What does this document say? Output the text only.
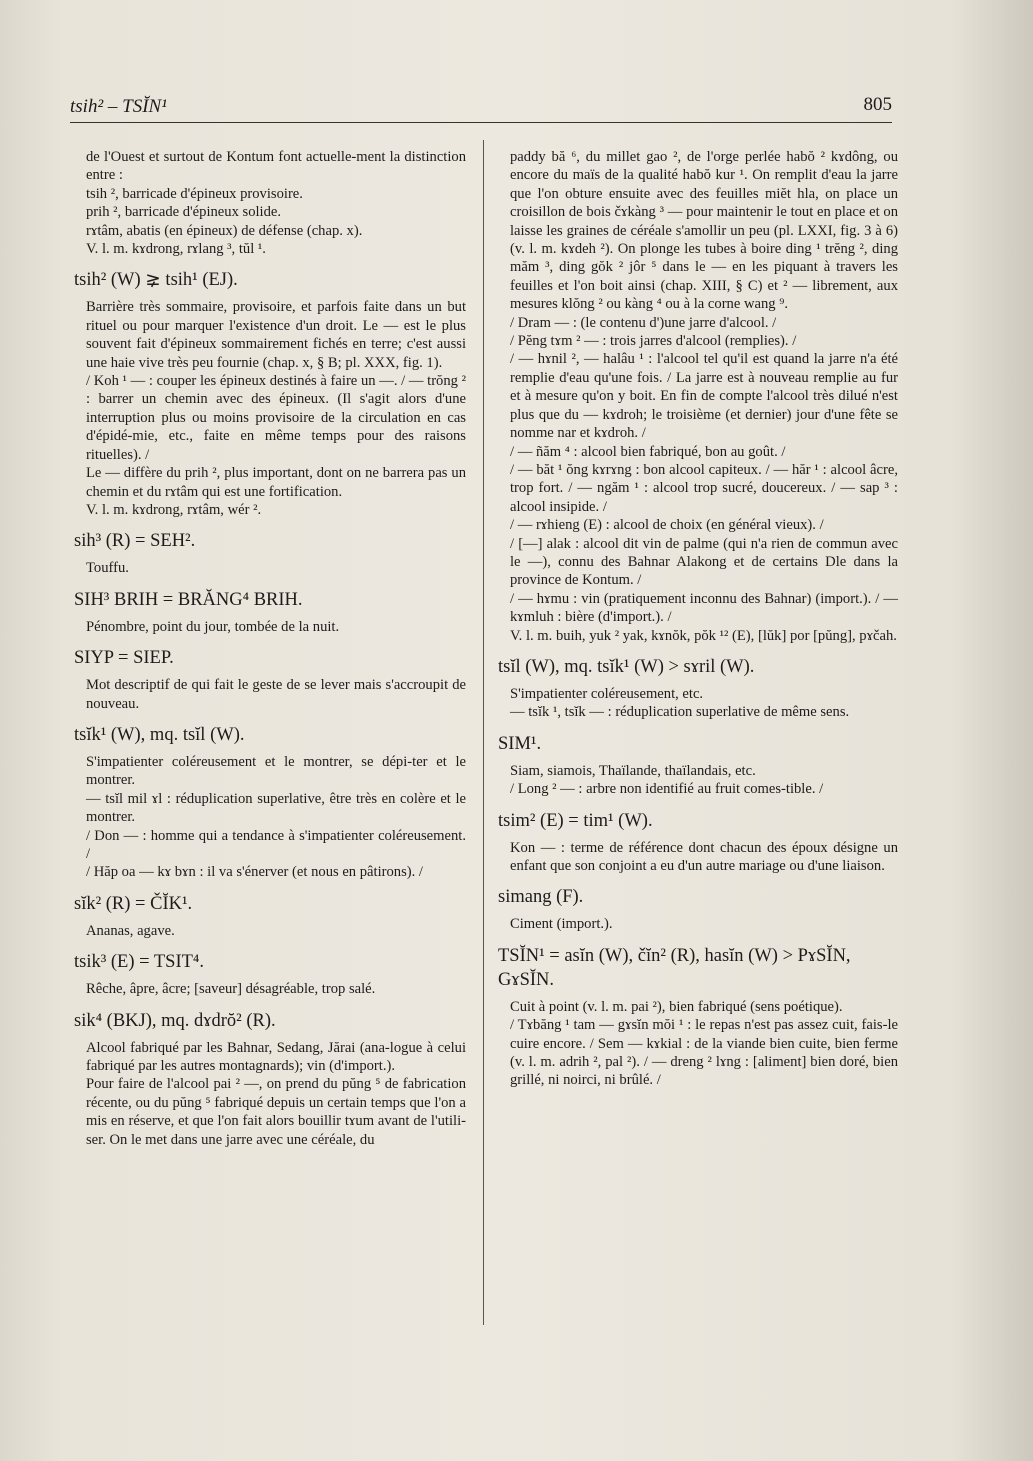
tsih² – TSĬN¹	805

de l'Ouest et surtout de Kontum font actuelle-ment la distinction entre :

tsih ², barricade d'épineux provisoire.

prih ², barricade d'épineux solide.

rɤtâm, abatis (en épineux) de défense (chap. x).

V. l. m. kɤdrong, rɤlang ³, tŭl ¹.

tsih² (W) ⪈ tsih¹ (EJ).

Barrière très sommaire, provisoire, et parfois faite dans un but rituel ou pour marquer l'existence d'un droit. Le — est le plus souvent fait d'épineux sommairement fichés en terre; c'est aussi une haie vive très peu fournie (chap. x, § B; pl. XXX, fig. 1).

/ Koh ¹ — : couper les épineux destinés à faire un —. / — trŏng ² : barrer un chemin avec des épineux. (Il s'agit alors d'une interruption plus ou moins provisoire de la circulation en cas d'épidé-mie, etc., faite en même temps pour des raisons rituelles). /

Le — diffère du prih ², plus important, dont on ne barrera pas un chemin et du rɤtâm qui est une fortification.

V. l. m. kɤdrong, rɤtâm, wér ².

sih³ (R) = SEH².

Touffu.

SIH³ BRIH = BRĂNG⁴ BRIH.

Pénombre, point du jour, tombée de la nuit.

SIYP = SIEP.

Mot descriptif de qui fait le geste de se lever mais s'accroupit de nouveau.

tsĭk¹ (W), mq. tsĭl (W).

S'impatienter coléreusement et le montrer, se dépi-ter et le montrer.

— tsĭl mil ɤl : réduplication superlative, être très en colère et le montrer.

/ Don — : homme qui a tendance à s'impatienter coléreusement. /

/ Hăp oa — kɤ bɤn : il va s'énerver (et nous en pâtirons). /

sĭk² (R) = ČĬK¹.

Ananas, agave.

tsik³ (E) = TSIT⁴.

Rêche, âpre, âcre; [saveur] désagréable, trop salé.

sik⁴ (BKJ), mq. dɤdrŏ² (R).

Alcool fabriqué par les Bahnar, Sedang, Jărai (ana-logue à celui fabriqué par les autres montagnards); vin (d'import.).

Pour faire de l'alcool pai ² —, on prend du pŭng ⁵ de fabrication récente, ou du pŭng ⁵ fabriqué depuis un certain temps que l'on a mis en réserve, et que l'on fait alors bouillir tɤum avant de l'utili-ser. On le met dans une jarre avec une céréale, du

paddy bă ⁶, du millet gao ², de l'orge perlée habŏ ² kɤdông, ou encore du maïs de la qualité habŏ kur ¹. On remplit d'eau la jarre que l'on obture ensuite avec des feuilles miĕt hla, on place un croisillon de bois čɤkàng ³ — pour maintenir le tout en place et on laisse les graines de céréale s'amollir un peu (pl. LXXI, fig. 3 à 6) (v. l. m. kɤdeh ²). On plonge les tubes à boire ding ¹ trĕng ², ding măm ³, ding gŏk ² jôr ⁵ dans le — en les piquant à travers les feuilles et l'on boit ainsi (chap. XIII, § C) et ² — librement, aux mesures klŏng ² ou kàng ⁴ ou à la corne wang ⁹.

/ Dram — : (le contenu d')une jarre d'alcool. /

/ Pĕng tɤm ² — : trois jarres d'alcool (remplies). /

/ — hɤnil ², — halâu ¹ : l'alcool tel qu'il est quand la jarre n'a été remplie d'eau qu'une fois. / La jarre est à nouveau remplie au fur et à mesure qu'on y boit. En fin de compte l'alcool très dilué n'est plus que du — kɤdroh; le troisième (et dernier) jour d'une fête se nomme nar et kɤdroh. /

/ — ñăm ⁴ : alcool bien fabriqué, bon au goût. /

/ — băt ¹ ŏng kɤrɤng : bon alcool capiteux. / — hăr ¹ : alcool âcre, trop fort. / — ngăm ¹ : alcool trop sucré, doucereux. / — sap ³ : alcool insipide. /

/ — rɤhieng (E) : alcool de choix (en général vieux). /

/ [—] alak : alcool dit vin de palme (qui n'a rien de commun avec le —), connu des Bahnar Alakong et de certains Dle dans la province de Kontum. /

/ — hɤmu : vin (pratiquement inconnu des Bahnar) (import.). / — kɤmluh : bière (d'import.). /

V. l. m. buih, yuk ² yak, kɤnŏk, pŏk ¹² (E), [lŭk] por [pŭng], pɤčah.

tsĭl (W), mq. tsĭk¹ (W) > sɤril (W).

S'impatienter coléreusement, etc.

— tsĭk ¹, tsĭk — : réduplication superlative de même sens.

SIM¹.

Siam, siamois, Thaïlande, thaïlandais, etc.

/ Long ² — : arbre non identifié au fruit comes-tible. /

tsim² (E) = tim¹ (W).

Kon — : terme de référence dont chacun des époux désigne un enfant que son conjoint a eu d'un autre mariage ou d'une liaison.

simang (F).

Ciment (import.).

TSĬN¹ = asĭn (W), čĭn² (R), hasĭn (W) > PɤSĬN, GɤSĬN.

Cuit à point (v. l. m. pai ²), bien fabriqué (sens poétique).

/ Tɤbăng ¹ tam — gɤsĭn mŏi ¹ : le repas n'est pas assez cuit, fais-le cuire encore. / Sem — kɤkial : de la viande bien cuite, bien ferme (v. l. m. adrih ², pal ²). / — dreng ² lɤng : [aliment] bien doré, bien grillé, ni noirci, ni brûlé. /
